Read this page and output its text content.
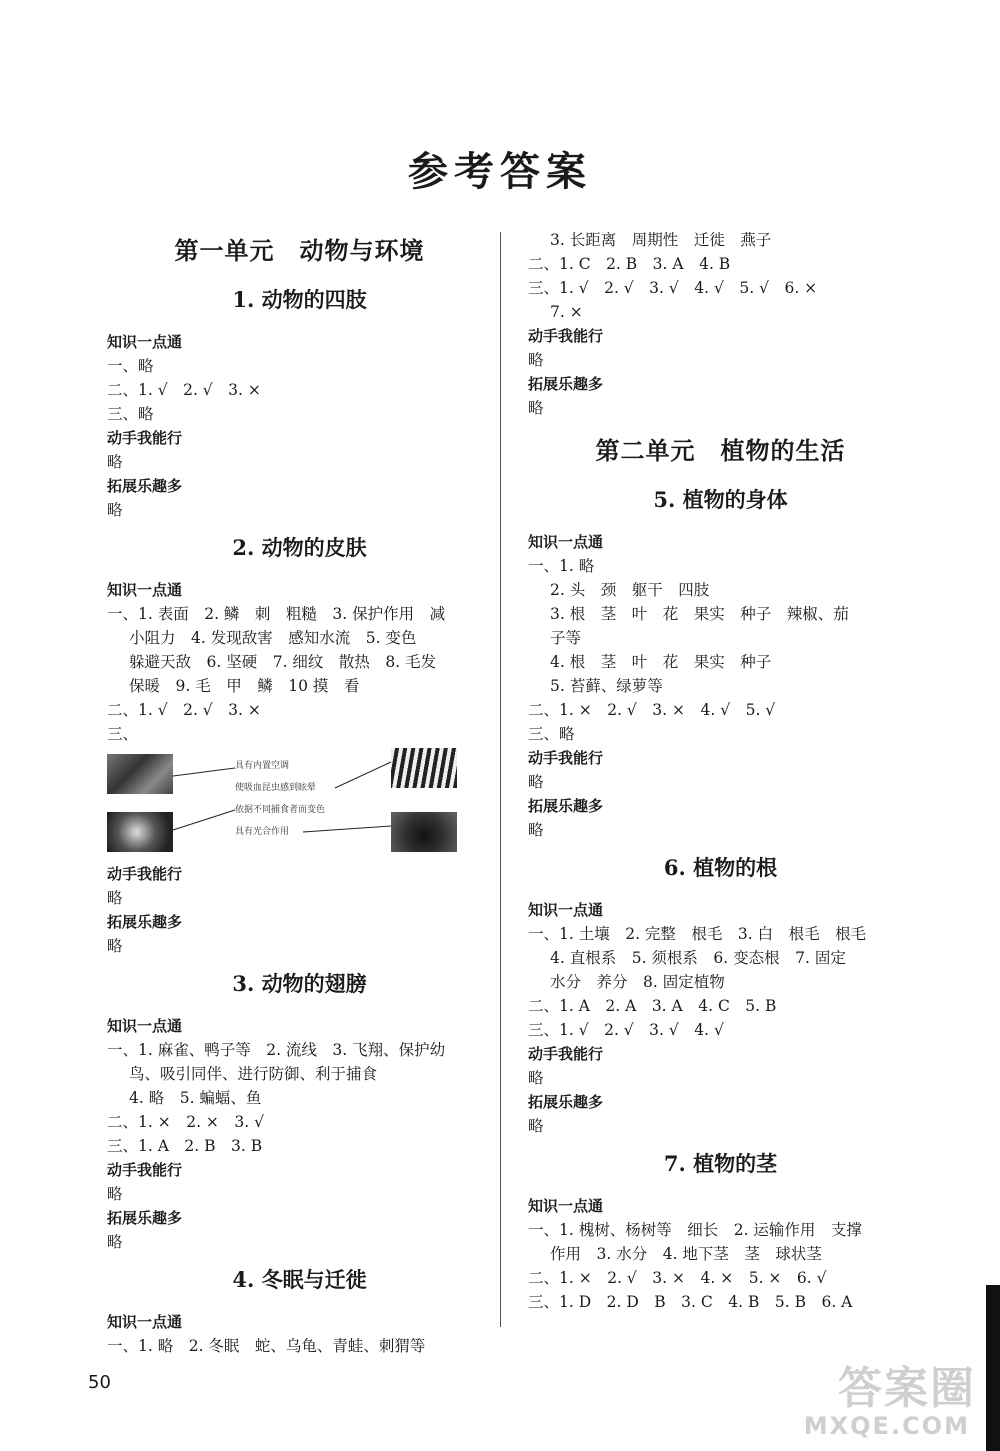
参考答案
第一单元　动物与环境
1. 动物的四肢
知识一点通
一、略
二、1. √　2. √　3. ×
三、略
动手我能行
略
拓展乐趣多
略
2. 动物的皮肤
知识一点通
一、1. 表面　2. 鳞　刺　粗糙　3. 保护作用　减
小阻力　4. 发现敌害　感知水流　5. 变色
躲避天敌　6. 坚硬　7. 细纹　散热　8. 毛发
保暖　9. 毛　甲　鳞　10 摸　看
二、1. √　2. √　3. ×
三、
具有内置空调
使吸血昆虫感到眩晕
依据不同捕食者而变色
具有光合作用
动手我能行
略
拓展乐趣多
略
3. 动物的翅膀
知识一点通
一、1. 麻雀、鸭子等　2. 流线　3. 飞翔、保护幼
鸟、吸引同伴、进行防御、利于捕食
4. 略　5. 蝙蝠、鱼
二、1. ×　2. ×　3. √
三、1. A　2. B　3. B
动手我能行
略
拓展乐趣多
略
4. 冬眠与迁徙
知识一点通
一、1. 略　2. 冬眠　蛇、乌龟、青蛙、刺猬等
3. 长距离　周期性　迁徙　燕子
二、1. C　2. B　3. A　4. B
三、1. √　2. √　3. √　4. √　5. √　6. ×
7. ×
动手我能行
略
拓展乐趣多
略
第二单元　植物的生活
5. 植物的身体
知识一点通
一、1. 略
2. 头　颈　躯干　四肢
3. 根　茎　叶　花　果实　种子　辣椒、茄
子等
4. 根　茎　叶　花　果实　种子
5. 苔藓、绿萝等
二、1. ×　2. √　3. ×　4. √　5. √
三、略
动手我能行
略
拓展乐趣多
略
6. 植物的根
知识一点通
一、1. 土壤　2. 完整　根毛　3. 白　根毛　根毛
4. 直根系　5. 须根系　6. 变态根　7. 固定
水分　养分　8. 固定植物
二、1. A　2. A　3. A　4. C　5. B
三、1. √　2. √　3. √　4. √
动手我能行
略
拓展乐趣多
略
7. 植物的茎
知识一点通
一、1. 槐树、杨树等　细长　2. 运输作用　支撑
作用　3. 水分　4. 地下茎　茎　球状茎
二、1. ×　2. √　3. ×　4. ×　5. ×　6. √
三、1. D　2. D　B　3. C　4. B　5. B　6. A
50	答案圈
MXQE.COM
